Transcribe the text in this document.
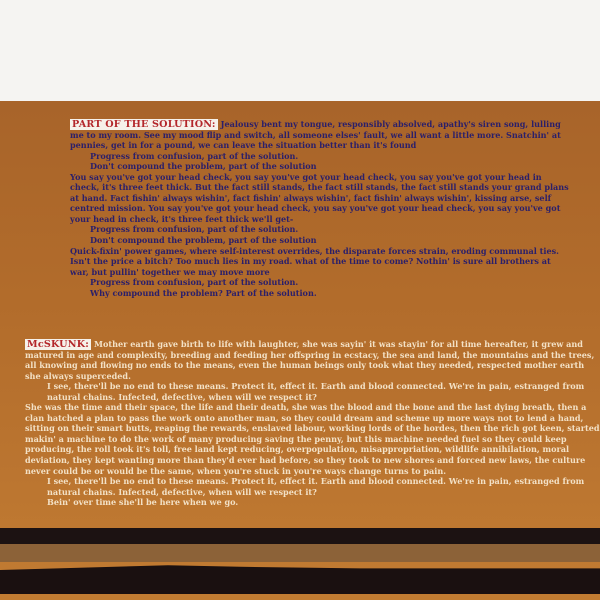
PART OF THE SOLUTION: Jealousy bent my tongue, responsibly absolved, apathy's siren song, lulling
me to my room. See my mood flip and switch, all someone elses' fault, we all want a little more. Snatchin' at
pennies, get in for a pound, we can leave the situation better than it's found
Progress from confusion, part of the solution.
Don't compound the problem, part of the solution
You say you've got your head check, you say you've got your head check, you say you've got your head in
check, it's three feet thick. But the fact still stands, the fact still stands, the fact still stands your grand plans
at hand. Fact fishin' always wishin', fact fishin' always wishin', fact fishin' always wishin', kissing arse, self
centred mission. You say you've got your head check, you say you've got your head check, you say you've got
your head in check, it's three feet thick we'll get-
Progress from confusion, part of the solution.
Don't compound the problem, part of the solution
Quick-fixin' power games, where self-interest overrides, the disparate forces strain, eroding communal ties.
Isn't the price a bitch? Too much lies in my road. what of the time to come? Nothin' is sure all brothers at
war, but pullin' together we may move more
Progress from confusion, part of the solution.
Why compound the problem? Part of the solution.
McSKUNK: Mother earth gave birth to life with laughter, she was sayin' it was stayin' for all time hereafter, it grew and
matured in age and complexity, breeding and feeding her offspring in ecstacy, the sea and land, the mountains and the trees,
all knowing and flowing no ends to the means, even the human beings only took what they needed, respected mother earth
she always superceded.
I see, there'll be no end to these means. Protect it, effect it. Earth and blood connected. We're in pain, estranged from
natural chains. Infected, defective, when will we respect it?
She was the time and their space, the life and their death, she was the blood and the bone and the last dying breath, then a
clan hatched a plan to pass the work onto another man, so they could dream and scheme up more ways not to lend a hand,
sitting on their smart butts, reaping the rewards, enslaved labour, working lords of the hordes, then the rich got keen, started
makin' a machine to do the work of many producing saving the penny, but this machine needed fuel so they could keep
producing, the roll took it's toll, free land kept reducing, overpopulation, misappropriation, wildlife annihilation, moral
deviation, they kept wanting more than they'd ever had before, so they took to new shores and forced new laws, the culture
never could be or would be the same, when you're stuck in you're ways change turns to pain.
I see, there'll be no end to these means. Protect it, effect it. Earth and blood connected. We're in pain, estranged from
natural chains. Infected, defective, when will we respect it?
Bein' over time she'll be here when we go.
